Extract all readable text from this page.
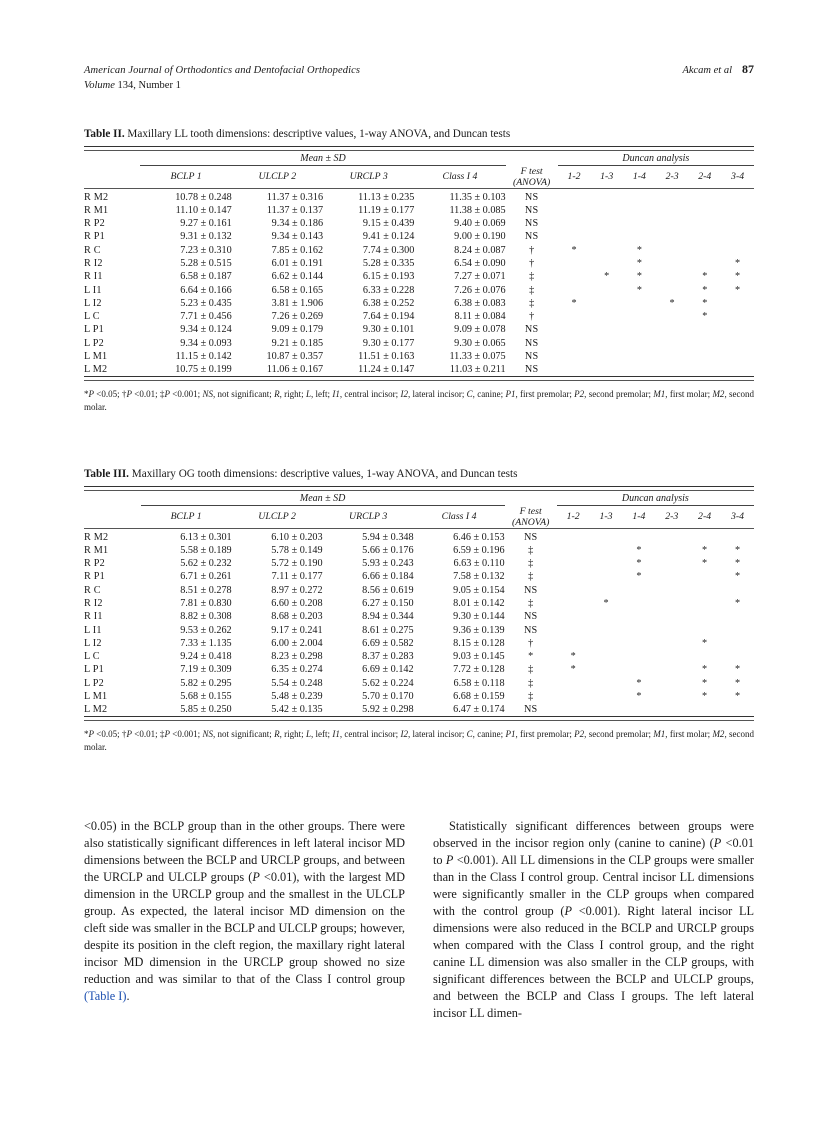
American Journal of Orthodontics and Dentofacial Orthopedics	Akcam et al 87
Volume 134, Number 1
Table II. Maxillary LL tooth dimensions: descriptive values, 1-way ANOVA, and Duncan tests

	Mean ± SD					Duncan analysis					

	BCLP 1	ULCLP 2	URCLP 3	Class I 4	F test
(ANOVA)	1-2	1-3	1-4	2-3	2-4	3-4

R M2	10.78 ± 0.248	11.37 ± 0.316	11.13 ± 0.235	11.35 ± 0.103	NS						
R M1	11.10 ± 0.147	11.37 ± 0.137	11.19 ± 0.177	11.38 ± 0.085	NS						
R P2	9.27 ± 0.161	9.34 ± 0.186	9.15 ± 0.439	9.40 ± 0.069	NS						
R P1	9.31 ± 0.132	9.34 ± 0.143	9.41 ± 0.124	9.00 ± 0.190	NS						
R C	7.23 ± 0.310	7.85 ± 0.162	7.74 ± 0.300	8.24 ± 0.087	†	*		*			
R I2	5.28 ± 0.515	6.01 ± 0.191	5.28 ± 0.335	6.54 ± 0.090	†			*			*
R I1	6.58 ± 0.187	6.62 ± 0.144	6.15 ± 0.193	7.27 ± 0.071	‡		*	*		*	*
L I1	6.64 ± 0.166	6.58 ± 0.165	6.33 ± 0.228	7.26 ± 0.076	‡			*		*	*
L I2	5.23 ± 0.435	3.81 ± 1.906	6.38 ± 0.252	6.38 ± 0.083	‡	*			*	*	
L C	7.71 ± 0.456	7.26 ± 0.269	7.64 ± 0.194	8.11 ± 0.084	†					*	
L P1	9.34 ± 0.124	9.09 ± 0.179	9.30 ± 0.101	9.09 ± 0.078	NS						
L P2	9.34 ± 0.093	9.21 ± 0.185	9.30 ± 0.177	9.30 ± 0.065	NS						
L M1	11.15 ± 0.142	10.87 ± 0.357	11.51 ± 0.163	11.33 ± 0.075	NS						
L M2	10.75 ± 0.199	11.06 ± 0.167	11.24 ± 0.147	11.03 ± 0.211	NS						

*P <0.05; †P <0.01; ‡P <0.001; NS, not significant; R, right; L, left; I1, central incisor; I2, lateral incisor; C, canine; P1, first premolar; P2, second premolar; M1, first molar; M2, second molar.
Table III. Maxillary OG tooth dimensions: descriptive values, 1-way ANOVA, and Duncan tests

	Mean ± SD					Duncan analysis					

	BCLP 1	ULCLP 2	URCLP 3	Class I 4	F test
(ANOVA)	1-2	1-3	1-4	2-3	2-4	3-4

R M2	6.13 ± 0.301	6.10 ± 0.203	5.94 ± 0.348	6.46 ± 0.153	NS						
R M1	5.58 ± 0.189	5.78 ± 0.149	5.66 ± 0.176	6.59 ± 0.196	‡			*		*	*
R P2	5.62 ± 0.232	5.72 ± 0.190	5.93 ± 0.243	6.63 ± 0.110	‡			*		*	*
R P1	6.71 ± 0.261	7.11 ± 0.177	6.66 ± 0.184	7.58 ± 0.132	‡			*			*
R C	8.51 ± 0.278	8.97 ± 0.272	8.56 ± 0.619	9.05 ± 0.154	NS						
R I2	7.81 ± 0.830	6.60 ± 0.208	6.27 ± 0.150	8.01 ± 0.142	‡		*				*
R I1	8.82 ± 0.308	8.68 ± 0.203	8.94 ± 0.344	9.30 ± 0.144	NS						
L I1	9.53 ± 0.262	9.17 ± 0.241	8.61 ± 0.275	9.36 ± 0.139	NS						
L I2	7.33 ± 1.135	6.00 ± 2.004	6.69 ± 0.582	8.15 ± 0.128	†					*	
L C	9.24 ± 0.418	8.23 ± 0.298	8.37 ± 0.283	9.03 ± 0.145	*	*					
L P1	7.19 ± 0.309	6.35 ± 0.274	6.69 ± 0.142	7.72 ± 0.128	‡	*				*	*
L P2	5.82 ± 0.295	5.54 ± 0.248	5.62 ± 0.224	6.58 ± 0.118	‡			*		*	*
L M1	5.68 ± 0.155	5.48 ± 0.239	5.70 ± 0.170	6.68 ± 0.159	‡			*		*	*
L M2	5.85 ± 0.250	5.42 ± 0.135	5.92 ± 0.298	6.47 ± 0.174	NS						

*P <0.05; †P <0.01; ‡P <0.001; NS, not significant; R, right; L, left; I1, central incisor; I2, lateral incisor; C, canine; P1, first premolar; P2, second premolar; M1, first molar; M2, second molar.

<0.05) in the BCLP group than in the other groups. There were also statistically significant differences in left lateral incisor MD dimensions between the BCLP and URCLP groups, and between the URCLP and ULCLP groups (P <0.01), with the largest MD dimension in the URCLP group and the smallest in the ULCLP group. As expected, the lateral incisor MD dimension on the cleft side was smaller in the BCLP and ULCLP groups; however, despite its position in the cleft region, the maxillary right lateral incisor MD dimension in the URCLP group showed no size reduction and was similar to that of the Class I control group (Table I).

Statistically significant differences between groups were observed in the incisor region only (canine to canine) (P <0.01 to P <0.001). All LL dimensions in the CLP groups were smaller than in the Class I control group. Central incisor LL dimensions were significantly smaller in the CLP groups when compared with the control group (P <0.001). Right lateral incisor LL dimensions were also reduced in the BCLP and URCLP groups when compared with the Class I control group, and the right canine LL dimension was also smaller in the CLP groups, with significant differences between the BCLP and ULCLP groups, and between the BCLP and Class I groups. The left lateral incisor LL dimen-
